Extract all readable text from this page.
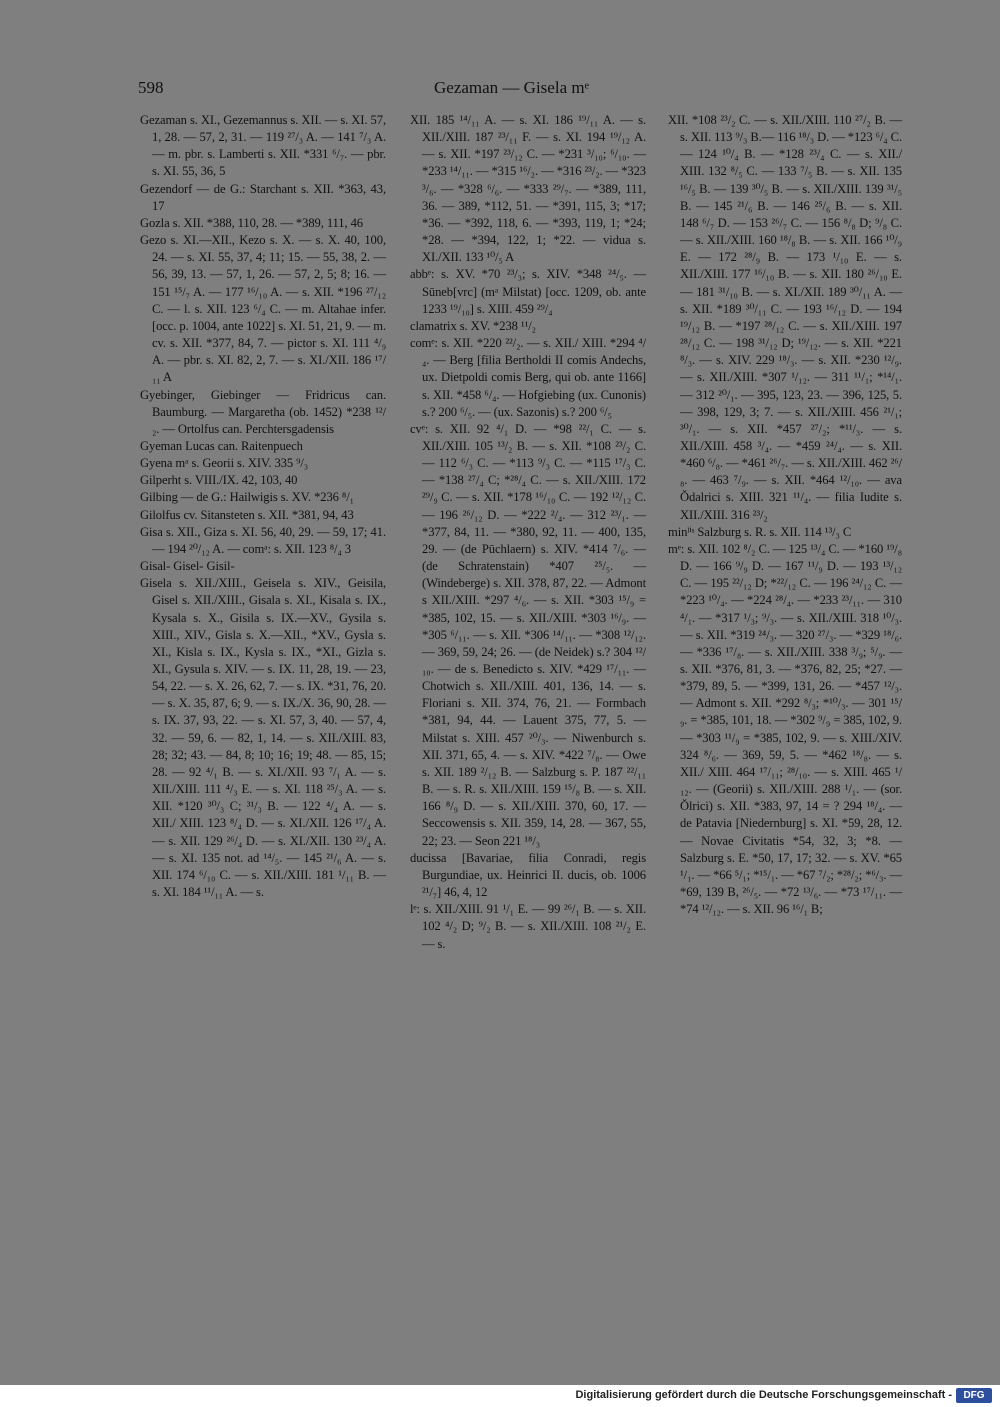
598	Gezaman — Gisela mᵉ

Gezaman s. XI., Gezemannus s. XII. — s. XI. 57, 1, 28. — 57, 2, 31. — 119 ²⁷/₃ A. — 141 ⁷/₃ A. — m. pbr. s. Lamberti s. XII. *331 ⁶/₇. — pbr. s. XI. 55, 36, 5

Gezendorf — de G.: Starchant s. XII. *363, 43, 17

Gozla s. XII. *388, 110, 28. — *389, 111, 46

Gezo s. XI.—XII., Kezo s. X. — s. X. 40, 100, 24. — s. XI. 55, 37, 4; 11; 15. — 55, 38, 2. — 56, 39, 13. — 57, 1, 26. — 57, 2, 5; 8; 16. — 151 ¹⁵/₇ A. — 177 ¹⁶/₁₀ A. — s. XII. *196 ²⁷/₁₂ C. — l. s. XII. 123 ⁶/₄ C. — m. Altahae infer. [occ. p. 1004, ante 1022] s. XI. 51, 21, 9. — m. cv. s. XII. *377, 84, 7. — pictor s. XI. 111 ⁴/₉ A. — pbr. s. XI. 82, 2, 7. — s. XI./XII. 186 ¹⁷/₁₁ A

Gyebinger, Giebinger — Fridricus can. Baumburg. — Margaretha (ob. 1452) *238 ¹²/₂. — Ortolfus can. Perchtersgadensis

Gyeman Lucas can. Raitenpuech

Gyena mᵃ s. Georii s. XIV. 335 ⁹/₃

Gilperht s. VIII./IX. 42, 103, 40

Gilbing — de G.: Hailwigis s. XV. *236 ⁸/₁

Gilolfus cv. Sitansteten s. XII. *381, 94, 43

Gisa s. XII., Giza s. XI. 56, 40, 29. — 59, 17; 41. — 194 ²⁰/₁₂ A. — comᵃ: s. XII. 123 ⁸/₄ 3

Gisal- Gisel- Gisil-

Gisela s. XII./XIII., Geisela s. XIV., Geisila, Gisel s. XII./XIII., Gisala s. XI., Kisala s. IX., Kysala s. X., Gisila s. IX.—XV., Gysila s. XIII., XIV., Gisla s. X.—XII., *XV., Gysla s. XI., Kisla s. IX., Kysla s. IX., *XI., Gizla s. XI., Gysula s. XIV. — s. IX. 11, 28, 19. — 23, 54, 22. — s. X. 26, 62, 7. — s. IX. *31, 76, 20. — s. X. 35, 87, 6; 9. — s. IX./X. 36, 90, 28. — s. IX. 37, 93, 22. — s. XI. 57, 3, 40. — 57, 4, 32. — 59, 6. — 82, 1, 14. — s. XII./XIII. 83, 28; 32; 43. — 84, 8; 10; 16; 19; 48. — 85, 15; 28. — 92 ⁴/₁ B. — s. XI./XII. 93 ⁷/₁ A. — s. XII./XIII. 111 ⁴/₃ E. — s. XI. 118 ²⁵/₃ A. — s. XII. *120 ³⁰/₃ C; ³¹/₃ B. — 122 ⁴/₄ A. — s. XII./ XIII. 123 ⁸/₄ D. — s. XI./XII. 126 ¹⁷/₄ A. — s. XII. 129 ²⁶/₄ D. — s. XI./XII. 130 ²³/₄ A. — s. XI. 135 not. ad ¹⁴/₅. — 145 ²¹/₆ A. — s. XII. 174 ⁶/₁₀ C. — s. XII./XIII. 181 ¹/₁₁ B. — s. XI. 184 ¹¹/₁₁ A. — s.

XII. 185 ¹⁴/₁₁ A. — s. XI. 186 ¹⁹/₁₁ A. — s. XII./XIII. 187 ²³/₁₁ F. — s. XI. 194 ¹⁹/₁₂ A. — s. XII. *197 ²³/₁₂ C. — *231 ³/₁₀; ⁶/₁₀. — *233 ¹⁴/₁₁. — *315 ¹⁶/₂. — *316 ²³/₂. — *323 ³/₆. — *328 ⁶/₆. — *333 ²⁹/₇. — *389, 111, 36. — 389, *112, 51. — *391, 115, 3; *17; *36. — *392, 118, 6. — *393, 119, 1; *24; *28. — *394, 122, 1; *22. — vidua s. XI./XII. 133 ¹⁰/₅ A

abbᵉ: s. XV. *70 ²³/₃; s. XIV. *348 ²⁴/₅. — Sūneb[vrc] (mᵃ Milstat) [occ. 1209, ob. ante 1233 ¹⁹/₁₀] s. XIII. 459 ²⁹/₄

clamatrix s. XV. *238 ¹¹/₂

comᵉ: s. XII. *220 ²²/₂. — s. XII./ XIII. *294 ⁴/₄. — Berg [filia Bertholdi II comis Andechs, ux. Dietpoldi comis Berg, qui ob. ante 1166] s. XII. *458 ⁶/₄. — Hofgiebing (ux. Cunonis) s.? 200 ⁶/₅. — (ux. Sazonis) s.? 200 ⁶/₅

cvᵉ: s. XII. 92 ⁴/₁ D. — *98 ²²/₁ C. — s. XII./XIII. 105 ¹³/₂ B. — s. XII. *108 ²³/₂ C. — 112 ⁶/₃ C. — *113 ⁹/₃ C. — *115 ¹⁷/₃ C. — *138 ²⁷/₄ C; *²⁸/₄ C. — s. XII./XIII. 172 ²⁹/₉ C. — s. XII. *178 ¹⁶/₁₀ C. — 192 ¹²/₁₂ C. — 196 ²⁶/₁₂ D. — *222 ²/₄. — 312 ²³/₁. — *377, 84, 11. — *380, 92, 11. — 400, 135, 29. — (de Pūchlaern) s. XIV. *414 ⁷/₆. — (de Schratenstain) *407 ²⁵/₅. — (Windeberge) s. XII. 378, 87, 22. — Admont s XII./XIII. *297 ⁴/₆. — s. XII. *303 ¹⁵/₉ = *385, 102, 15. — s. XII./XIII. *303 ¹⁶/₉. — *305 ⁶/₁₁. — s. XII. *306 ¹⁴/₁₁. — *308 ¹²/₁₂. — 369, 59, 24; 26. — (de Neidek) s.? 304 ¹²/₁₀. — de s. Benedicto s. XIV. *429 ¹⁷/₁₁. — Chotwich s. XII./XIII. 401, 136, 14. — s. Floriani s. XII. 374, 76, 21. — Formbach *381, 94, 44. — Lauent 375, 77, 5. — Milstat s. XIII. 457 ²⁰/₃. — Niwenburch s. XII. 371, 65, 4. — s. XIV. *422 ⁷/₈. — Owe s. XII. 189 ²/₁₂ B. — Salzburg s. P. 187 ²²/₁₁ B. — s. R. s. XII./XIII. 159 ¹⁵/₈ B. — s. XII. 166 ⁸/₉ D. — s. XII./XIII. 370, 60, 17. — Seccowensis s. XII. 359, 14, 28. — 367, 55, 22; 23. — Seon 221 ¹⁸/₃

ducissa [Bavariae, filia Conradi, regis Burgundiae, ux. Heinrici II. ducis, ob. 1006 ²¹/₇] 46, 4, 12

lᵉ: s. XII./XIII. 91 ¹/₁ E. — 99 ²⁶/₁ B. — s. XII. 102 ⁴/₂ D; ⁹/₂ B. — s. XII./XIII. 108 ²¹/₂ E. — s.

XII. *108 ²³/₂ C. — s. XII./XIII. 110 ²⁷/₂ B. — s. XII. 113 ⁹/₃ B.— 116 ¹⁸/₃ D. — *123 ⁶/₄ C. — 124 ¹⁰/₄ B. — *128 ²³/₄ C. — s. XII./ XIII. 132 ⁸/₅ C. — 133 ⁷/₅ B. — s. XII. 135 ¹⁶/₅ B. — 139 ³⁰/₅ B. — s. XII./XIII. 139 ³¹/₅ B. — 145 ²¹/₆ B. — 146 ²⁵/₆ B. — s. XII. 148 ⁶/₇ D. — 153 ²⁶/₇ C. — 156 ⁸/₈ D; ⁹/₈ C. — s. XII./XIII. 160 ¹⁸/₈ B. — s. XII. 166 ¹⁰/₉ E. — 172 ²⁸/₉ B. — 173 ¹/₁₀ E. — s. XII./XIII. 177 ¹⁶/₁₀ B. — s. XII. 180 ²⁶/₁₀ E. — 181 ³¹/₁₀ B. — s. XI./XII. 189 ³⁰/₁₁ A. — s. XII. *189 ³⁰/₁₁ C. — 193 ¹⁶/₁₂ D. — 194 ¹⁹/₁₂ B. — *197 ²⁸/₁₂ C. — s. XII./XIII. 197 ²⁸/₁₂ C. — 198 ³¹/₁₂ D; ¹⁹/₁₂. — s. XII. *221 ⁸/₃. — s. XIV. 229 ¹⁸/₃. — s. XII. *230 ¹²/₉. — s. XII./XIII. *307 ¹/₁₂. — 311 ¹¹/₁; *¹⁴/₁. — 312 ²⁰/₁. — 395, 123, 23. — 396, 125, 5. — 398, 129, 3; 7. — s. XII./XIII. 456 ²¹/₁; ³⁰/₁. — s. XII. *457 ²⁷/₂; *¹¹/₃. — s. XII./XIII. 458 ³/₄. — *459 ²⁴/₄. — s. XII. *460 ⁶/₈. — *461 ²⁶/₇. — s. XII./XIII. 462 ²⁶/₈. — 463 ⁷/₉. — s. XII. *464 ¹²/₁₀. — ava Ŏdalrici s. XIII. 321 ¹¹/₄. — filia Iudite s. XII./XIII. 316 ²³/₂

minˡⁱˢ Salzburg s. R. s. XII. 114 ¹³/₃ C

mᵉ: s. XII. 102 ⁸/₂ C. — 125 ¹³/₄ C. — *160 ¹⁹/₈ D. — 166 ⁹/₉ D. — 167 ¹¹/₉ D. — 193 ¹³/₁₂ C. — 195 ²²/₁₂ D; *²²/₁₂ C. — 196 ²⁴/₁₂ C. — *223 ¹⁰/₄. — *224 ²⁸/₄. — *233 ²³/₁₁. — 310 ⁴/₁. — *317 ¹/₃; ⁹/₃. — s. XII./XIII. 318 ¹⁰/₃. — s. XII. *319 ²⁴/₃. — 320 ²⁷/₃. — *329 ¹⁸/₆. — *336 ¹⁷/₈. — s. XII./XIII. 338 ³/₉; ⁵/₉. — s. XII. *376, 81, 3. — *376, 82, 25; *27. — *379, 89, 5. — *399, 131, 26. — *457 ¹²/₃. — Admont s. XII. *292 ⁸/₃; *¹⁰/₃. — 301 ¹⁵/₉. = *385, 101, 18. — *302 ⁹/₉ = 385, 102, 9. — *303 ¹¹/₉ = *385, 102, 9. — s. XIII./XIV. 324 ⁸/₆. — 369, 59, 5. — *462 ¹⁸/₈. — s. XII./ XIII. 464 ¹⁷/₁₁; ²⁸/₁₀. — s. XIII. 465 ¹/₁₂. — (Georii) s. XII./XIII. 288 ¹/₁. — (sor. Ŏlrici) s. XII. *383, 97, 14 = ? 294 ¹⁸/₄. — de Patavia [Niedernburg] s. XI. *59, 28, 12. — Novae Civitatis *54, 32, 3; *8. — Salzburg s. E. *50, 17, 17; 32. — s. XV. *65 ¹/₁. — *66 ⁵/₁; *¹⁵/₁. — *67 ⁷/₂; *²⁸/₂; *⁶/₃. — *69, 139 B, ²⁶/₅. — *72 ¹³/₆. — *73 ¹⁷/₁₁. — *74 ¹²/₁₂. — s. XII. 96 ¹⁶/₁ B;

Digitalisierung gefördert durch die Deutsche Forschungsgemeinschaft -	DFG
